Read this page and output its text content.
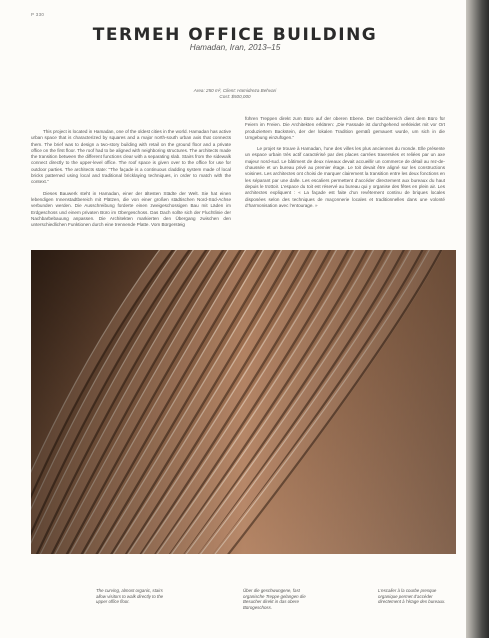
P 330
TERMEH OFFICE BUILDING
Hamadan, Iran, 2013–15
Area: 250 m², Client: Hamidreza Behvari
Cost: $500,000

This project is located in Hamadan, one of the oldest cities in the world. Hamadan has active urban space that is characterized by squares and a major north-south urban axis that connects them. The brief was to design a two-story building with retail on the ground floor and a private office on the first floor. The roof had to be aligned with neighboring structures. The architects made the transition between the different functions clear with a separating slab. Stairs from the sidewalk connect directly to the upper-level office. The roof space is given over to the office for use for outdoor parties. The architects state: “The façade is a continuous cladding system made of local bricks patterned using local and traditional bricklaying techniques, in order to match with the context.”

Dieses Bauwerk steht in Hamadan, einer der ältesten Städte der Welt. Sie hat einen lebendigen Innenstadtbereich mit Plätzen, die von einer großen städtischen Nord-Süd-Achse verbunden werden. Die Ausschreibung forderte einen zweigeschossigen Bau mit Läden im Erdgeschoss und einem privaten Büro im Obergeschoss. Das Dach sollte sich der Fluchtlinie der Nachbarbebauung anpassen. Die Architekten markierten den Übergang zwischen den unterschiedlichen Funktionen durch eine trennende Platte. Vom Bürgersteig

führen Treppen direkt zum Büro auf der oberen Ebene. Der Dachbereich dient dem Büro für Feiern im Freien. Die Architekten erklären: „Die Fassade ist durchgehend verkleidet mit vor Ort produziertem Backstein, der der lokalen Tradition gemäß gemauert wurde, um sich in die Umgebung einzufügen.“

Le projet se trouve à Hamadan, l’une des villes les plus anciennes du monde. Elle présente un espace urbain très actif caractérisé par des places carrées traversées et reliées par un axe majeur nord-sud. Le bâtiment de deux niveaux devait accueillir un commerce de détail au rez-de-chaussée et un bureau privé au premier étage. Le toit devait être aligné sur les constructions voisines. Les architectes ont choisi de marquer clairement la transition entre les deux fonctions en les séparant par une dalle. Les escaliers permettent d’accéder directement aux bureaux du haut depuis le trottoir. L’espace du toit est réservé au bureau qui y organise des fêtes en plein air. Les architectes expliquent : « La façade est faite d’un revêtement continu de briques locales disposées selon des techniques de maçonnerie locales et traditionnelles dans une volonté d’harmonisation avec l’entourage. »

The curving, almost organic, stairs allow visitors to walk directly to the upper office floor.

Über die geschwungene, fast organische Treppe gelangen die Besucher direkt in das obere Bürogeschoss.

L’escalier à la courbe presque organique permet d’accéder directement à l’étage des bureaux.
